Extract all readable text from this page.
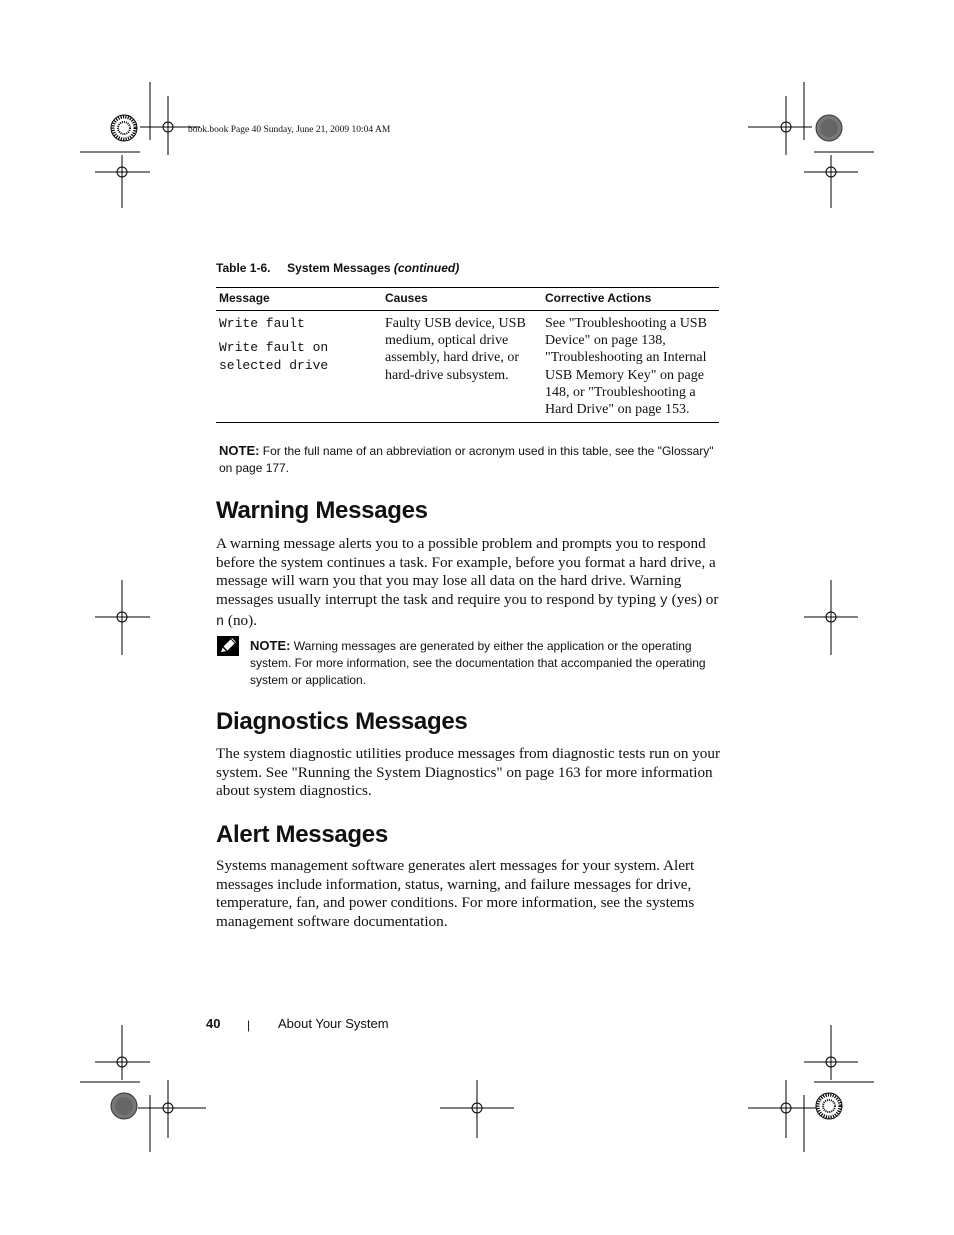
book.book Page 40 Sunday, June 21, 2009 10:04 AM
Table 1-6. System Messages (continued)
Message	Causes	Corrective Actions

Write fault
Write fault on
selected drive	Faulty USB device, USB medium, optical drive assembly, hard drive, or hard-drive subsystem.	See "Troubleshooting a USB Device" on page 138, "Troubleshooting an Internal USB Memory Key" on page 148, or "Troubleshooting a Hard Drive" on page 153.
NOTE: For the full name of an abbreviation or acronym used in this table, see the "Glossary" on page 177.
Warning Messages

A warning message alerts you to a possible problem and prompts you to respond before the system continues a task. For example, before you format a hard drive, a message will warn you that you may lose all data on the hard drive. Warning messages usually interrupt the task and require you to respond by typing y (yes) or n (no).

NOTE: Warning messages are generated by either the application or the operating system. For more information, see the documentation that accompanied the operating system or application.
Diagnostics Messages

The system diagnostic utilities produce messages from diagnostic tests run on your system. See "Running the System Diagnostics" on page 163 for more information about system diagnostics.

Alert Messages

Systems management software generates alert messages for your system. Alert messages include information, status, warning, and failure messages for drive, temperature, fan, and power conditions. For more information, see the systems management software documentation.

40 | About Your System
